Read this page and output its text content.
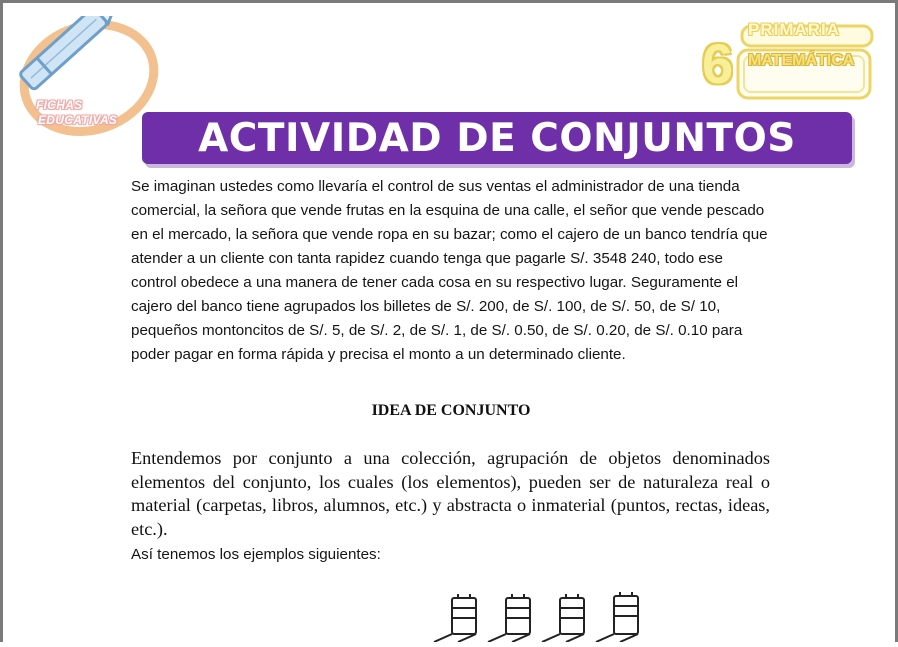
FICHAS
EDUCATIVAS
6
PRIMARIA
MATEMÁTICA
ACTIVIDAD DE CONJUNTOS
Se imaginan ustedes como llevaría el control de sus ventas el administrador de una tienda comercial, la señora que vende frutas en la esquina de una calle, el señor que vende pescado en el mercado, la señora que vende ropa en su bazar; como el cajero de un banco tendría que atender a un cliente con tanta rapidez cuando tenga que pagarle S/. 3548 240, todo ese control obedece a una manera de tener cada cosa en su respectivo lugar. Seguramente el cajero del banco tiene agrupados los billetes de S/. 200, de S/. 100, de S/. 50, de S/ 10, pequeños montoncitos de S/. 5, de S/. 2, de S/. 1, de S/. 0.50, de S/. 0.20, de S/. 0.10 para poder pagar en forma rápida y precisa el monto a un determinado cliente.
IDEA DE CONJUNTO
Entendemos por conjunto a una colección, agrupación de objetos denominados elementos del conjunto, los cuales (los elementos), pueden ser de naturaleza real o material (carpetas, libros, alumnos, etc.) y abstracta o inmaterial (puntos, rectas, ideas, etc.).
Así tenemos los ejemplos siguientes:
